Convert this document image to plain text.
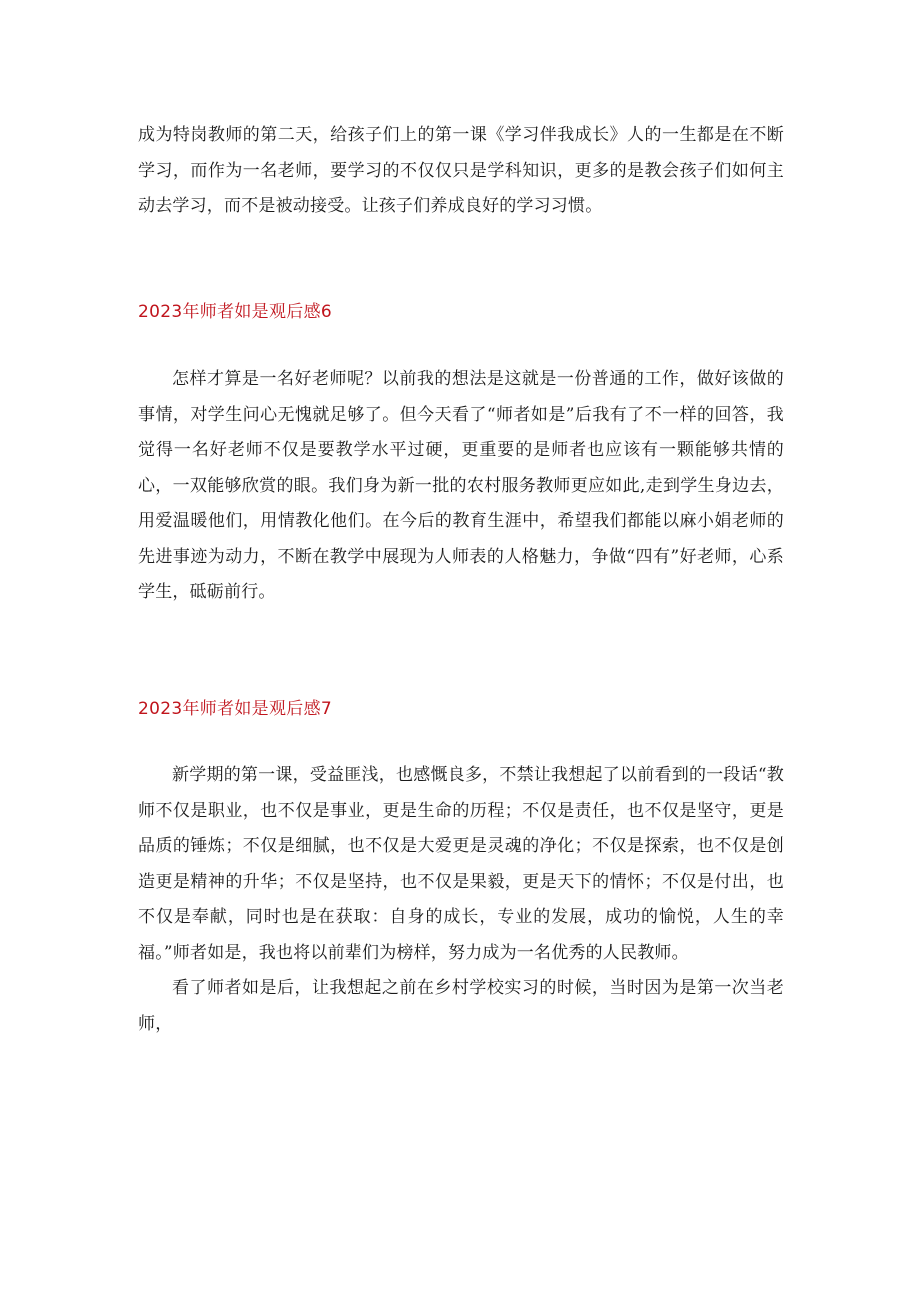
成为特岗教师的第二天，给孩子们上的第一课《学习伴我成长》人的一生都是在不断学习，而作为一名老师，要学习的不仅仅只是学科知识，更多的是教会孩子们如何主动去学习，而不是被动接受。让孩子们养成良好的学习习惯。

2023年师者如是观后感6

怎样才算是一名好老师呢？以前我的想法是这就是一份普通的工作，做好该做的事情，对学生问心无愧就足够了。但今天看了“师者如是”后我有了不一样的回答，我觉得一名好老师不仅是要教学水平过硬，更重要的是师者也应该有一颗能够共情的心，一双能够欣赏的眼。我们身为新一批的农村服务教师更应如此,走到学生身边去，用爱温暖他们，用情教化他们。在今后的教育生涯中，希望我们都能以麻小娟老师的先进事迹为动力，不断在教学中展现为人师表的人格魅力，争做“四有”好老师，心系学生，砥砺前行。

2023年师者如是观后感7

新学期的第一课，受益匪浅，也感慨良多，不禁让我想起了以前看到的一段话“教师不仅是职业，也不仅是事业，更是生命的历程；不仅是责任，也不仅是坚守，更是品质的锤炼；不仅是细腻，也不仅是大爱更是灵魂的净化；不仅是探索，也不仅是创造更是精神的升华；不仅是坚持，也不仅是果毅，更是天下的情怀；不仅是付出，也不仅是奉献，同时也是在获取：自身的成长，专业的发展，成功的愉悦，人生的幸福。”师者如是，我也将以前辈们为榜样，努力成为一名优秀的人民教师。

看了师者如是后，让我想起之前在乡村学校实习的时候，当时因为是第一次当老师，
